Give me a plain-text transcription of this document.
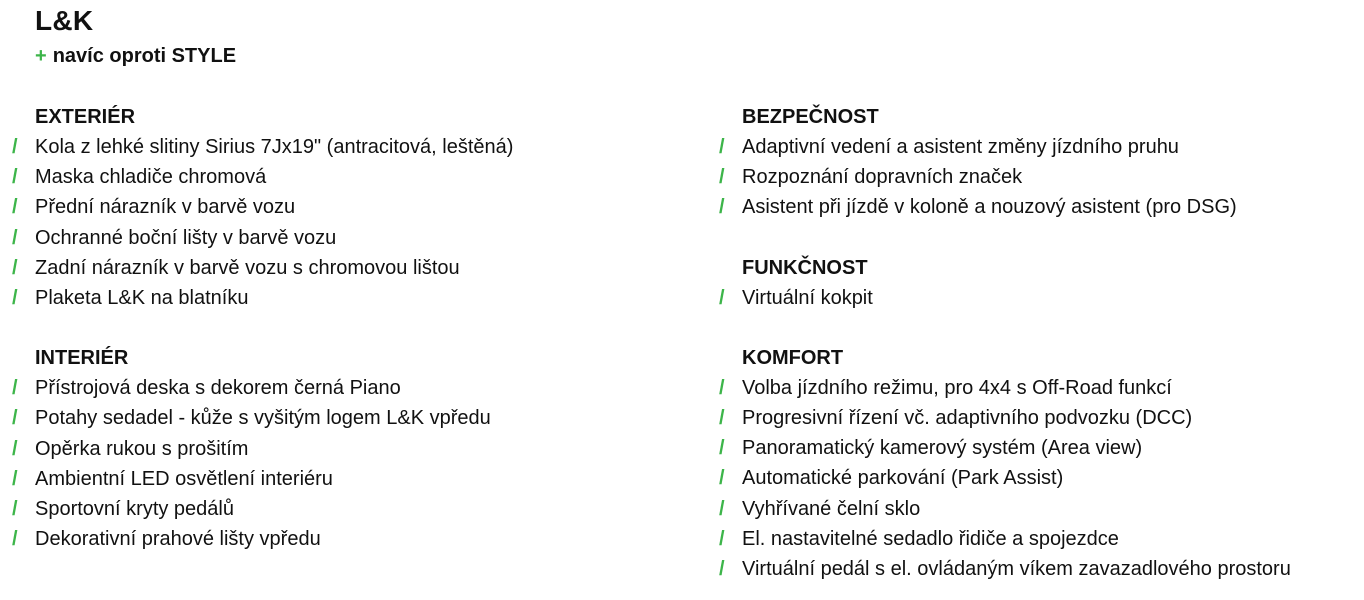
L&K
+ navíc oproti STYLE
EXTERIÉR
/ Kola z lehké slitiny Sirius 7Jx19" (antracitová, leštěná)
/ Maska chladiče chromová
/ Přední nárazník v barvě vozu
/ Ochranné boční lišty v barvě vozu
/ Zadní nárazník v barvě vozu s chromovou lištou
/ Plaketa L&K na blatníku
INTERIÉR
/ Přístrojová deska s dekorem černá Piano
/ Potahy sedadel - kůže s vyšitým logem L&K vpředu
/ Opěrka rukou s prošitím
/ Ambientní LED osvětlení interiéru
/ Sportovní kryty pedálů
/ Dekorativní prahové lišty vpředu
BEZPEČNOST
/ Adaptivní vedení a asistent změny jízdního pruhu
/ Rozpoznání dopravních značek
/ Asistent při jízdě v koloně a nouzový asistent (pro DSG)
FUNKČNOST
/ Virtuální kokpit
KOMFORT
/ Volba jízdního režimu, pro 4x4 s Off-Road funkcí
/ Progresivní řízení vč. adaptivního podvozku (DCC)
/ Panoramatický kamerový systém (Area view)
/ Automatické parkování (Park Assist)
/ Vyhřívané čelní sklo
/ El. nastavitelné sedadlo řidiče a spojezdce
/ Virtuální pedál s el. ovládaným víkem zavazadlového prostoru
